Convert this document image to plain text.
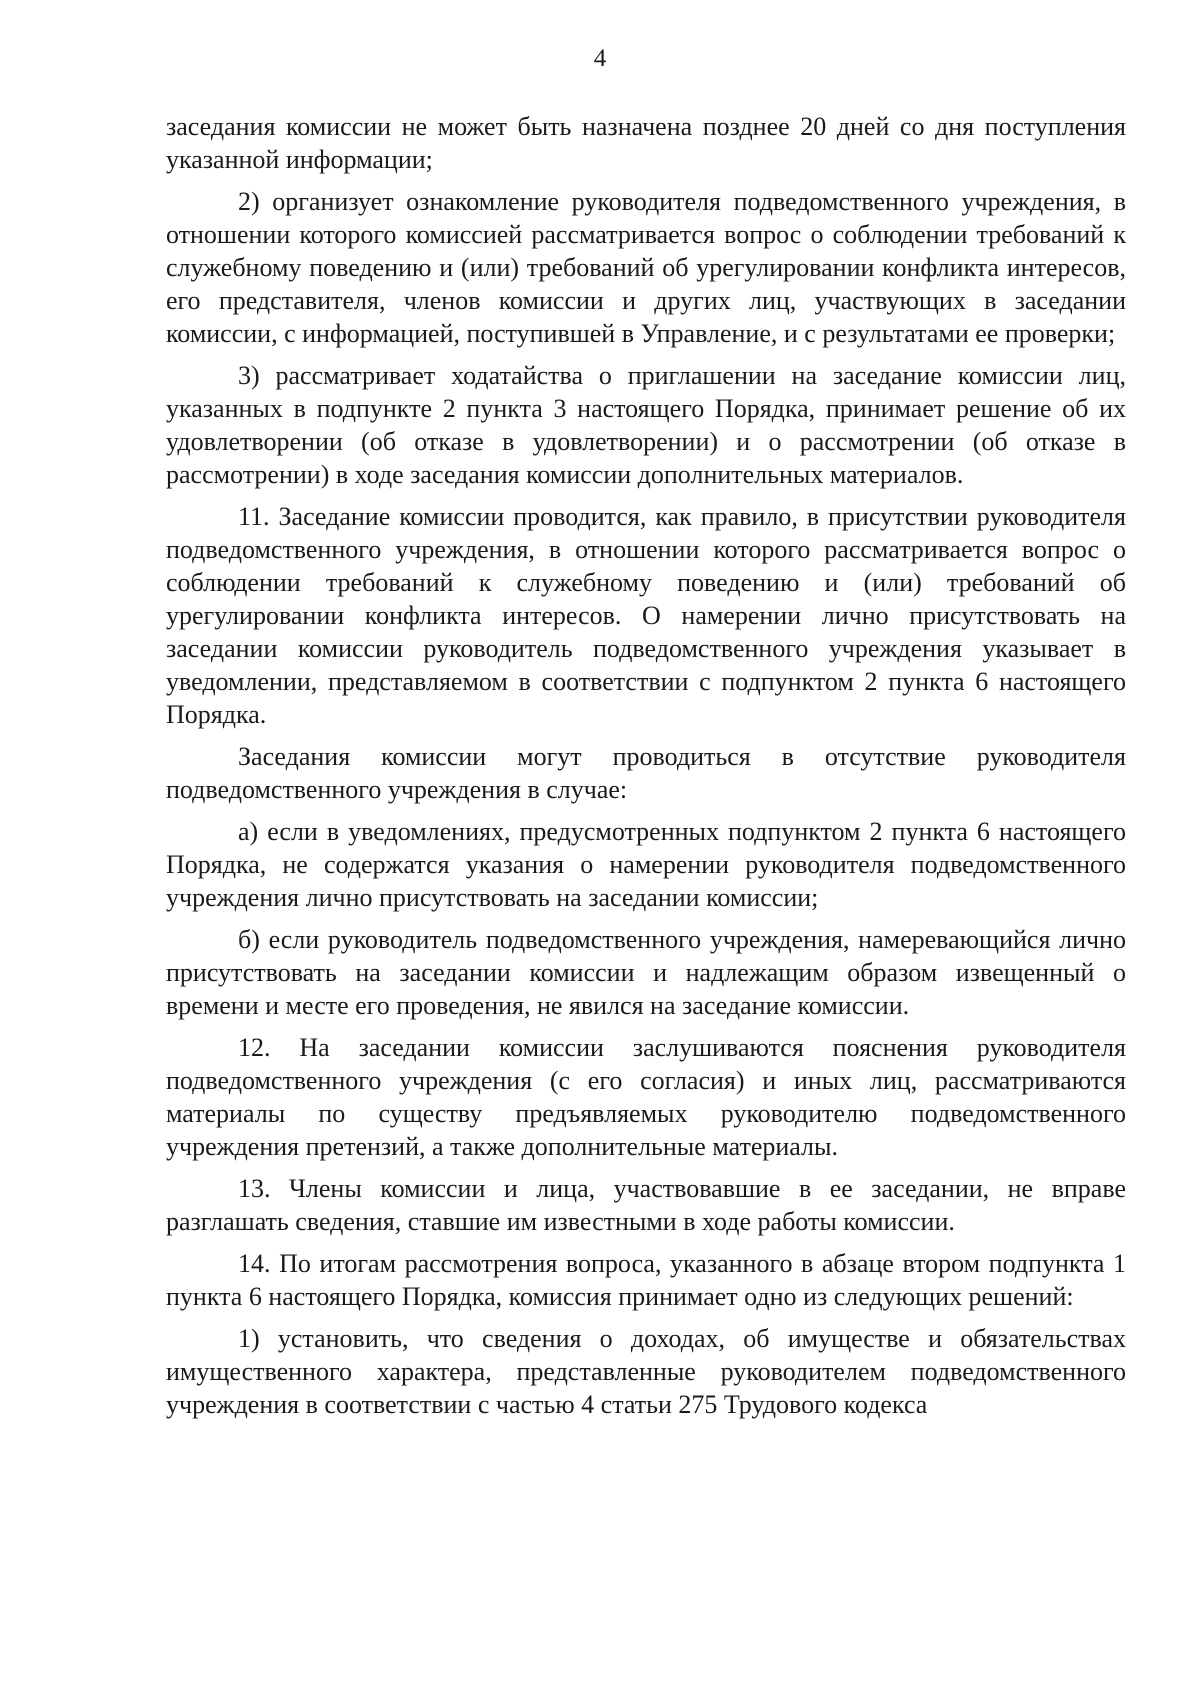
4

заседания комиссии не может быть назначена позднее 20 дней со дня поступления указанной информации;

2) организует ознакомление руководителя подведомственного учреждения, в отношении которого комиссией рассматривается вопрос о соблюдении требований к служебному поведению и (или) требований об урегулировании конфликта интересов, его представителя, членов комиссии и других лиц, участвующих в заседании комиссии, с информацией, поступившей в Управление, и с результатами ее проверки;

3) рассматривает ходатайства о приглашении на заседание комиссии лиц, указанных в подпункте 2 пункта 3 настоящего Порядка, принимает решение об их удовлетворении (об отказе в удовлетворении) и о рассмотрении (об отказе в рассмотрении) в ходе заседания комиссии дополнительных материалов.

11. Заседание комиссии проводится, как правило, в присутствии руководителя подведомственного учреждения, в отношении которого рассматривается вопрос о соблюдении требований к служебному поведению и (или) требований об урегулировании конфликта интересов. О намерении лично присутствовать на заседании комиссии руководитель подведомственного учреждения указывает в уведомлении, представляемом в соответствии с подпунктом 2 пункта 6 настоящего Порядка.

Заседания комиссии могут проводиться в отсутствие руководителя подведомственного учреждения в случае:

а) если в уведомлениях, предусмотренных подпунктом 2 пункта 6 настоящего Порядка, не содержатся указания о намерении руководителя подведомственного учреждения лично присутствовать на заседании комиссии;

б) если руководитель подведомственного учреждения, намеревающийся лично присутствовать на заседании комиссии и надлежащим образом извещенный о времени и месте его проведения, не явился на заседание комиссии.

12. На заседании комиссии заслушиваются пояснения руководителя подведомственного учреждения (с его согласия) и иных лиц, рассматриваются материалы по существу предъявляемых руководителю подведомственного учреждения претензий, а также дополнительные материалы.

13. Члены комиссии и лица, участвовавшие в ее заседании, не вправе разглашать сведения, ставшие им известными в ходе работы комиссии.

14. По итогам рассмотрения вопроса, указанного в абзаце втором подпункта 1 пункта 6 настоящего Порядка, комиссия принимает одно из следующих решений:

1) установить, что сведения о доходах, об имуществе и обязательствах имущественного характера, представленные руководителем подведомственного учреждения в соответствии с частью 4 статьи 275 Трудового кодекса
